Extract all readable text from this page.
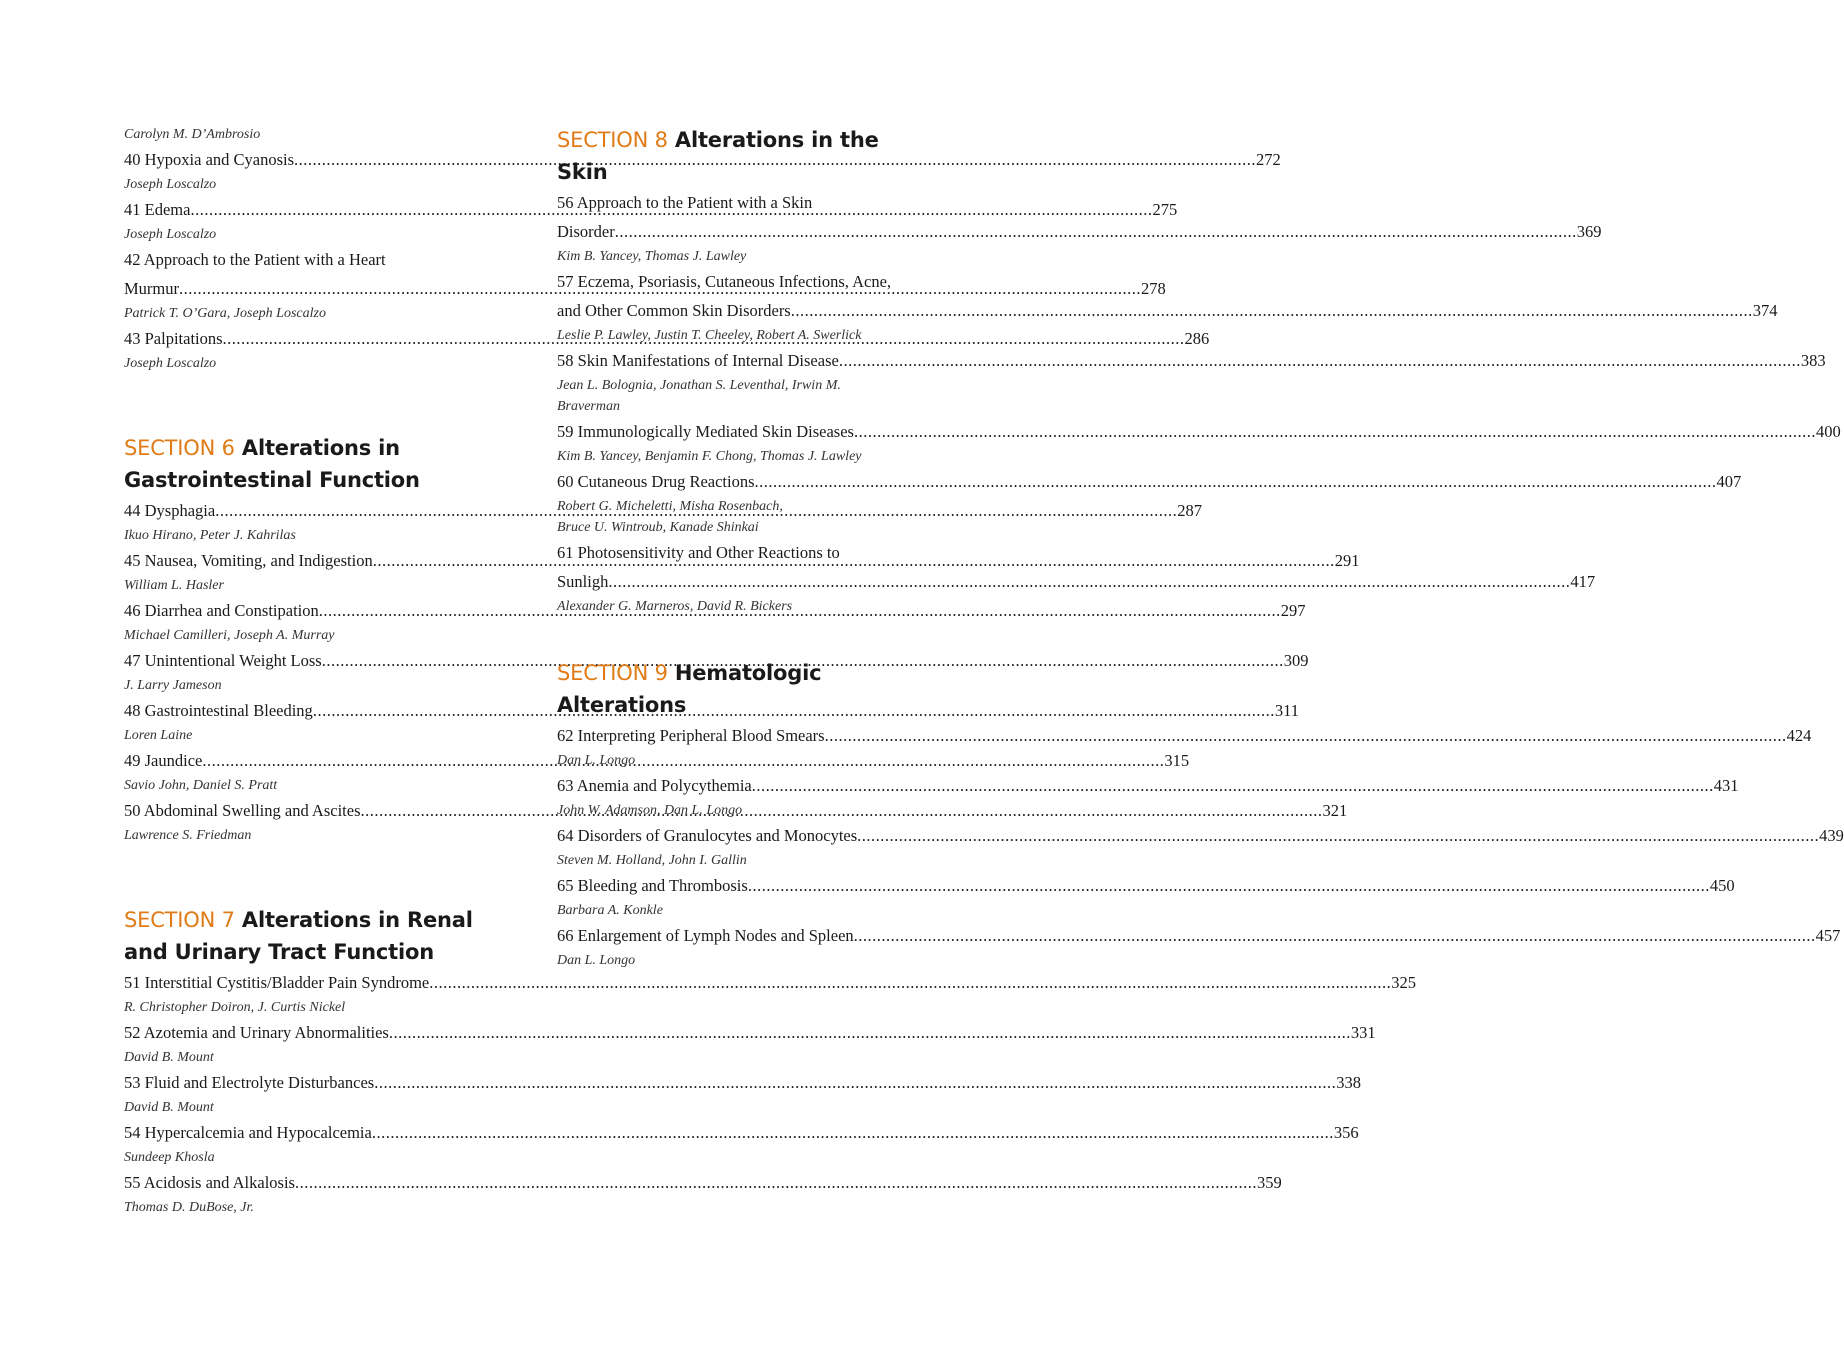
Carolyn M. D’Ambrosio
40 Hypoxia and Cyanosis .....	272
Joseph Loscalzo
41 Edema .....	275
Joseph Loscalzo
42 Approach to the Patient with a Heart
Murmur .....	278
Patrick T. O’Gara, Joseph Loscalzo
43 Palpitations .....	286
Joseph Loscalzo
SECTION 6 Alterations in
Gastrointestinal Function
44 Dysphagia .....	287
Ikuo Hirano, Peter J. Kahrilas
45 Nausea, Vomiting, and Indigestion .....	291
William L. Hasler
46 Diarrhea and Constipation .....	297
Michael Camilleri, Joseph A. Murray
47 Unintentional Weight Loss .....	309
J. Larry Jameson
48 Gastrointestinal Bleeding .....	311
Loren Laine
49 Jaundice .....	315
Savio John, Daniel S. Pratt
50 Abdominal Swelling and Ascites .....	321
Lawrence S. Friedman
SECTION 7 Alterations in Renal
and Urinary Tract Function
51 Interstitial Cystitis/Bladder Pain Syndrome .....	325
R. Christopher Doiron, J. Curtis Nickel
52 Azotemia and Urinary Abnormalities .....	331
David B. Mount
53 Fluid and Electrolyte Disturbances .....	338
David B. Mount
54 Hypercalcemia and Hypocalcemia .....	356
Sundeep Khosla
55 Acidosis and Alkalosis .....	359
Thomas D. DuBose, Jr.
SECTION 8 Alterations in the Skin
56 Approach to the Patient with a Skin
Disorder .....	369
Kim B. Yancey, Thomas J. Lawley
57 Eczema, Psoriasis, Cutaneous Infections, Acne,
and Other Common Skin Disorders .....	374
Leslie P. Lawley, Justin T. Cheeley, Robert A. Swerlick
58 Skin Manifestations of Internal Disease .....	383
Jean L. Bolognia, Jonathan S. Leventhal, Irwin M.
Braverman
59 Immunologically Mediated Skin Diseases .....	400
Kim B. Yancey, Benjamin F. Chong, Thomas J. Lawley
60 Cutaneous Drug Reactions .....	407
Robert G. Micheletti, Misha Rosenbach,
Bruce U. Wintroub, Kanade Shinkai
61 Photosensitivity and Other Reactions to
Sunligh .....	417
Alexander G. Marneros, David R. Bickers
SECTION 9 Hematologic
Alterations
62 Interpreting Peripheral Blood Smears .....	424
Dan L. Longo
63 Anemia and Polycythemia .....	431
John W. Adamson, Dan L. Longo
64 Disorders of Granulocytes and Monocytes .....	439
Steven M. Holland, John I. Gallin
65 Bleeding and Thrombosis .....	450
Barbara A. Konkle
66 Enlargement of Lymph Nodes and Spleen .....	457
Dan L. Longo
